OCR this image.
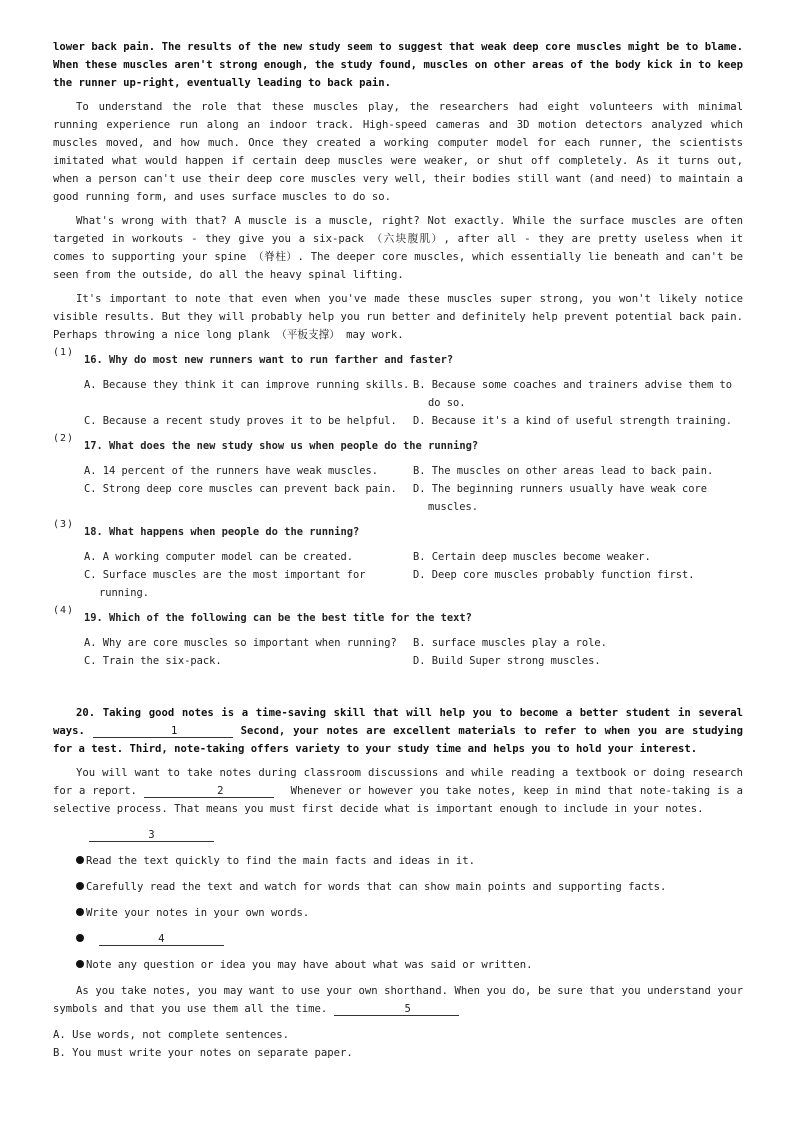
lower back pain. The results of the new study seem to suggest that weak deep core muscles might be to blame. When these muscles aren't strong enough, the study found, muscles on other areas of the body kick in to keep the runner up-right, eventually leading to back pain.

To understand the role that these muscles play, the researchers had eight volunteers with minimal running experience run along an indoor track. High-speed cameras and 3D motion detectors analyzed which muscles moved, and how much. Once they created a working computer model for each runner, the scientists imitated what would happen if certain deep muscles were weaker, or shut off completely. As it turns out, when a person can't use their deep core muscles very well, their bodies still want (and need) to maintain a good running form, and uses surface muscles to do so.

What's wrong with that? A muscle is a muscle, right? Not exactly. While the surface muscles are often targeted in workouts - they give you a six-pack （六块腹肌）, after all - they are pretty useless when it comes to supporting your spine （脊柱）. The deeper core muscles, which essentially lie beneath and can't be seen from the outside, do all the heavy spinal lifting.

It's important to note that even when you've made these muscles super strong, you won't likely notice visible results. But they will probably help you run better and definitely help prevent potential back pain. Perhaps throwing a nice long plank （平板支撑） may work.

(1)
16. Why do most new runners want to run farther and faster?
A. Because they think it can improve running skills. B. Because some coaches and trainers advise them to do so.
C. Because a recent study proves it to be helpful.	D. Because it's a kind of useful strength training.
(2)
17. What does the new study show us when people do the running?
A. 14 percent of the runners have weak muscles.	B. The muscles on other areas lead to back pain.
C. Strong deep core muscles can prevent back pain.	D. The beginning runners usually have weak core muscles.
(3)
18. What happens when people do the running?
A. A working computer model can be created.	B. Certain deep muscles become weaker.
C. Surface muscles are the most important for running.
D. Deep core muscles probably function first.
(4)
19. Which of the following can be the best title for the text?
A. Why are core muscles so important when running?	B. surface muscles play a role.
C. Train the six-pack.	D. Build Super strong muscles.

20. Taking good notes is a time-saving skill that will help you to become a better student in several ways.	1	Second, your notes are excellent materials to refer to when you are studying for a test. Third, note-taking offers variety to your study time and helps you to hold your interest.

You will want to take notes during classroom discussions and while reading a textbook or doing research for a report.	2	Whenever or however you take notes, keep in mind that note-taking is a selective process. That means you must first decide what is important enough to include in your notes.

3

Read the text quickly to find the main facts and ideas in it.

Carefully read the text and watch for words that can show main points and supporting facts.

Write your notes in your own words.

4

Note any question or idea you may have about what was said or written.

As you take notes, you may want to use your own shorthand. When you do, be sure that you understand your symbols and that you use them all the time.	5

A. Use words, not complete sentences.

B. You must write your notes on separate paper.
